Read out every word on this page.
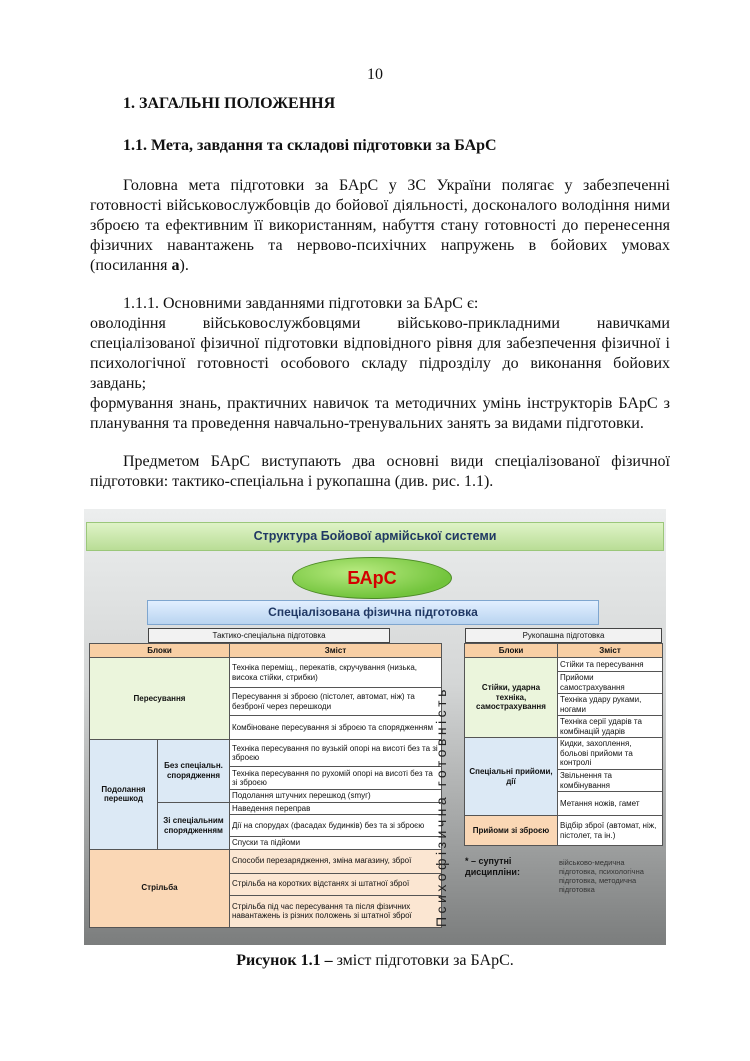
10
1. ЗАГАЛЬНІ ПОЛОЖЕННЯ
1.1. Мета, завдання та складові підготовки за БАрС
Головна мета підготовки за БАрС у ЗС України полягає у забезпеченні готовності військовослужбовців до бойової діяльності, досконалого володіння ними зброєю та ефективним її використанням, набуття стану готовності до перенесення фізичних навантажень та нервово-психічних напружень в бойових умовах (посилання а).
1.1.1. Основними завданнями підготовки за БАрС є:
оволодіння військовослужбовцями військово-прикладними навичками спеціалізованої фізичної підготовки відповідного рівня для забезпечення фізичної і психологічної готовності особового складу підрозділу до виконання бойових завдань;
формування знань, практичних навичок та методичних умінь інструкторів БАрС з планування та проведення навчально-тренувальних занять за видами підготовки.
Предметом БАрС виступають два основні види спеціалізованої фізичної підготовки: тактико-спеціальна і рукопашна (див. рис. 1.1).
Структура Бойової армійської системи
БАрС
Спеціалізована фізична підготовка
Тактико-спеціальна підготовка	Рукопашна підготовка
Блоки		Зміст
Пересування		Техніка переміщ., перекатів, скручування (низька, висока стійки, стрибки)
		Пересування зі зброєю (пістолет, автомат, ніж) та безбронї через перешкоди
		Комбіноване пересування зі зброєю та спорядженням
Подолання перешкод	Без спеціальн. спорядження	Техніка пересування по вузькій опорі на висоті без та зі зброєю
		Техніка пересування по рухомій опорі на висоті без та зі зброєю
		Подолання штучних перешкод (smуг)
	Зі спеціальним спорядженням	Наведення переправ
		Дії на спорудах (фасадах будинків) без та зі зброєю
		Спуски та підйоми
Стрільба		Способи перезарядження, зміна магазину, зброї
		Стрільба на коротких відстанях зі штатної зброї
		Стрільба під час пересування та після фізичних навантажень із різних положень зі штатної зброї Психофізична готовність
Блоки	Зміст
Стійки, ударна техніка, самострахування	Стійки та пересування
	Прийоми самострахування
	Техніка удару руками, ногами
	Техніка серії ударів та комбінацій ударів
Спеціальні прийоми, дії	Кидки, захоплення, больові прийоми та контролі
	Звільнення та комбінування
	Метання ножів, гамет
Прийоми зі зброєю	Відбір зброї (автомат, ніж, пістолет, та ін.)
* – супутні дисципліни:
військово-медична підготовка, психологічна підготовка, методична підготовка
Рисунок 1.1 – зміст підготовки за БАрС.
